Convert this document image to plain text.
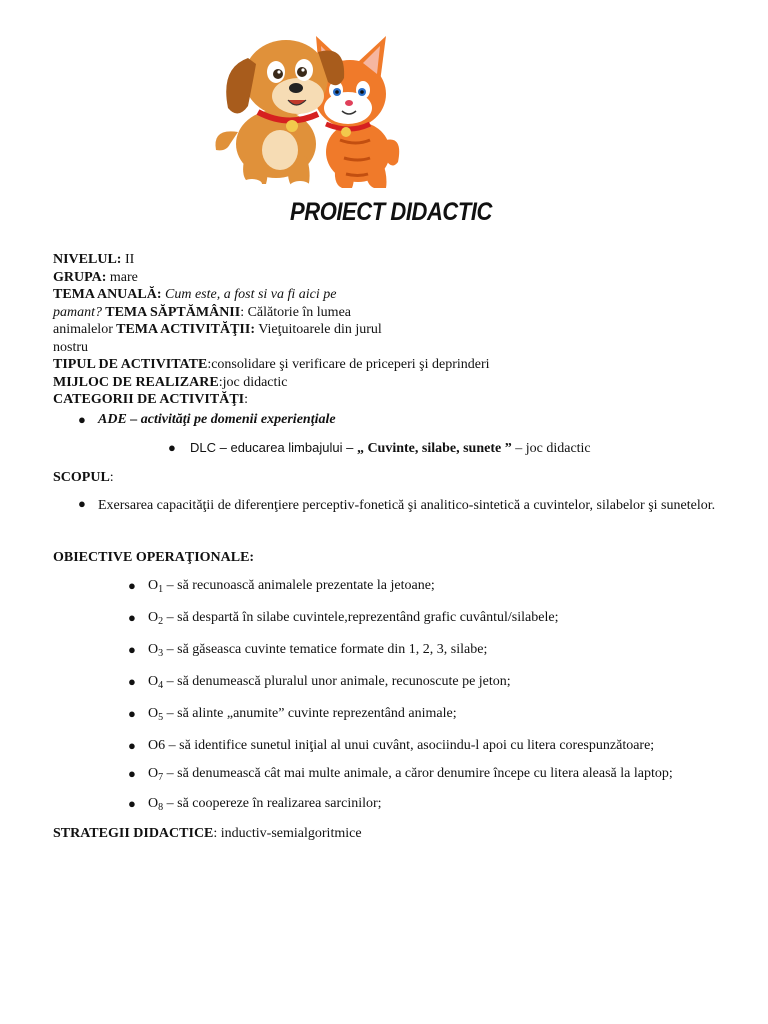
PROIECT DIDACTIC
NIVELUL: II
GRUPA: mare
TEMA ANUALĂ: Cum este, a fost si va fi aici pe
pamant? TEMA SĂPTĂMÂNII: Călătorie în lumea
animalelor TEMA ACTIVITĂŢII: Vieţuitoarele din jurul
nostru
TIPUL DE ACTIVITATE:consolidare şi verificare de priceperi şi deprinderi
MIJLOC DE REALIZARE:joc didactic
CATEGORII DE ACTIVITĂŢI:
● ADE – activităţi pe domenii experienţiale
● DLC – educarea limbajului – „ Cuvinte, silabe, sunete ” – joc didactic
SCOPUL:
● Exersarea capacităţii de diferenţiere perceptiv-fonetică şi analitico-sintetică a cuvintelor, silabelor şi sunetelor.
OBIECTIVE OPERAŢIONALE:
● $O_1$ – să recunoască animalele prezentate la jetoane;
● $O_2$ – să despartă în silabe cuvintele,reprezentând grafic cuvântul/silabele;
● $O_3$ – să găseasca cuvinte tematice formate din 1, 2, 3, silabe;
● $O_4$ – să denumească pluralul unor animale, recunoscute pe jeton;
● $O_5$ – să alinte „anumite” cuvinte reprezentând animale;
● O6 – să identifice sunetul iniţial al unui cuvânt, asociindu-l apoi cu litera corespunzătoare;
● $O_7$ – să denumească cât mai multe animale, a căror denumire începe cu litera aleasă la laptop;
● $O_8$ – să coopereze în realizarea sarcinilor;
STRATEGII DIDACTICE: inductiv-semialgoritmice
